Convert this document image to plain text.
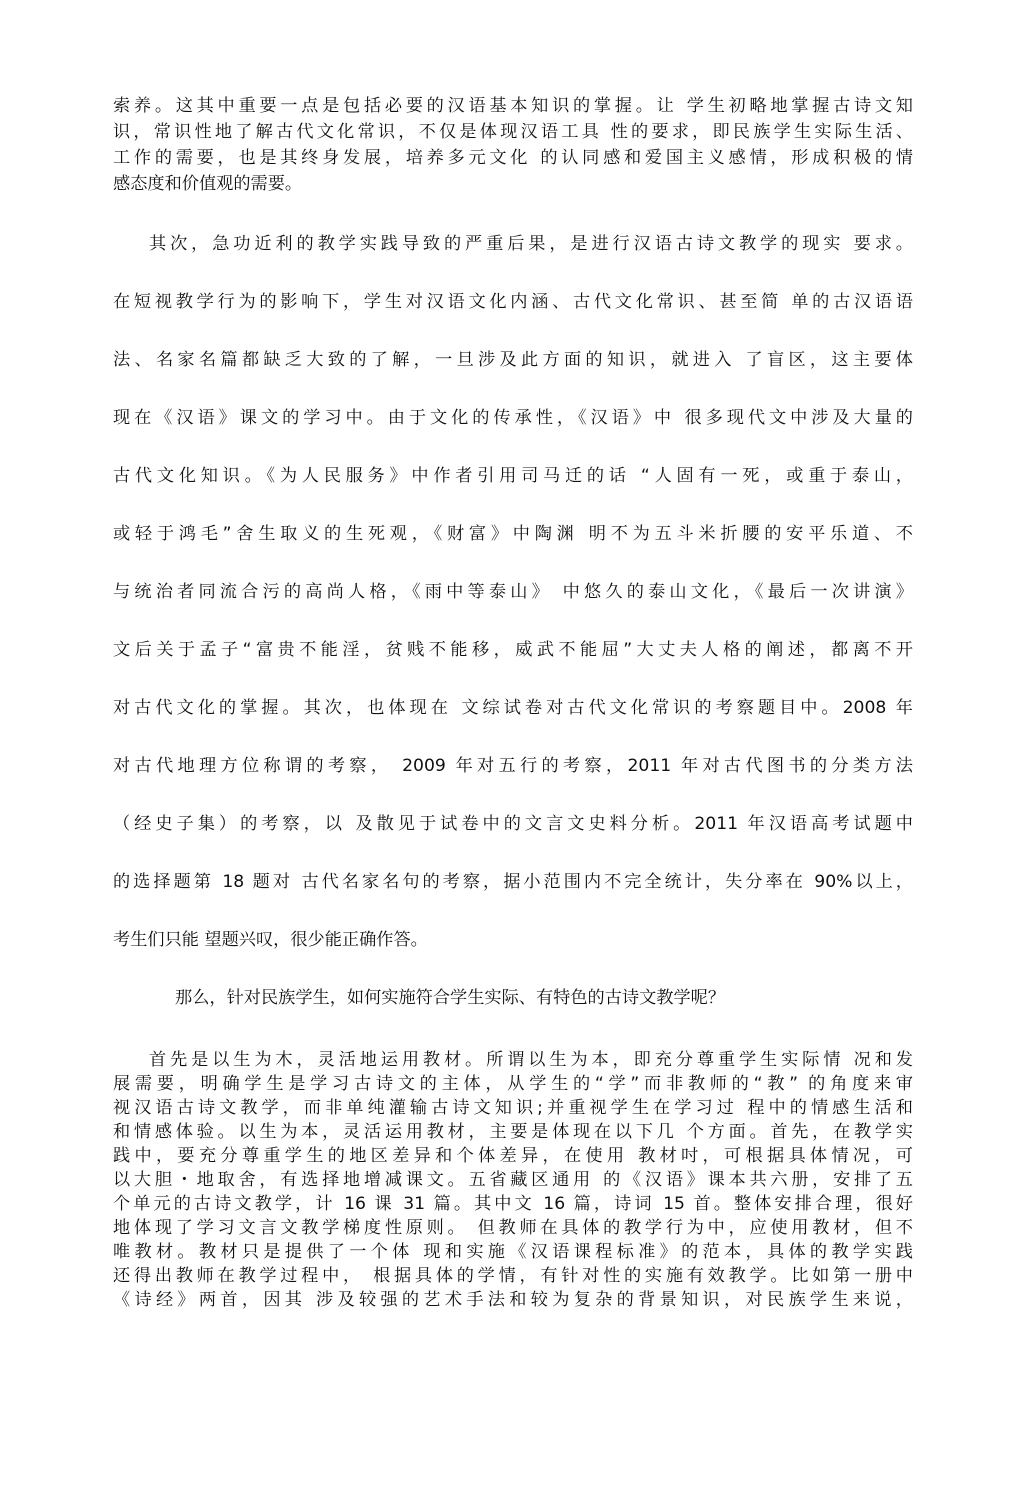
索养。这其中重要一点是包括必要的汉语基本知识的掌握。让 学生初略地掌握古诗文知
识，常识性地了解古代文化常识，不仅是体现汉语工具 性的要求，即民族学生实际生活、
工作的需要，也是其终身发展，培养多元文化 的认同感和爱国主义感情，形成积极的情
感态度和价值观的需要。
其次，急功近利的教学实践导致的严重后果，是进行汉语古诗文教学的现实 要求。
在短视教学行为的影响下，学生对汉语文化内涵、古代文化常识、甚至简 单的古汉语语
法、名家名篇都缺乏大致的了解，一旦涉及此方面的知识，就进入 了盲区，这主要体
现在《汉语》课文的学习中。由于文化的传承性，《汉语》中 很多现代文中涉及大量的
古代文化知识。《为人民服务》中作者引用司马迁的话 “人固有一死，或重于泰山，
或轻于鸿毛”舍生取义的生死观，《财富》中陶渊 明不为五斗米折腰的安平乐道、不
与统治者同流合污的高尚人格，《雨中等泰山》 中悠久的泰山文化，《最后一次讲演》
文后关于孟子“富贵不能淫，贫贱不能移，威武不能屈”大丈夫人格的阐述，都离不开
对古代文化的掌握。其次，也体现在 文综试卷对古代文化常识的考察题目中。2008 年
对古代地理方位称谓的考察， 2009 年对五行的考察，2011 年对古代图书的分类方法
（经史子集）的考察，以 及散见于试卷中的文言文史料分析。2011 年汉语高考试题中
的选择题第 18 题对 古代名家名句的考察，据小范围内不完全统计，失分率在 90%以上，
考生们只能 望题兴叹，很少能正确作答。
那么，针对民族学生，如何实施符合学生实际、有特色的古诗文教学呢？
首先是以生为木，灵活地运用教材。所谓以生为本，即充分尊重学生实际情 况和发
展需要，明确学生是学习古诗文的主体，从学生的“学”而非教师的“教” 的角度来审
视汉语古诗文教学，而非单纯灌输古诗文知识;并重视学生在学习过 程中的情感生活和
和情感体验。以生为本，灵活运用教材，主要是体现在以下几 个方面。首先，在教学实
践中，要充分尊重学生的地区差异和个体差异，在使用 教材吋，可根据具体情况，可
以大胆・地取舍，有选择地增减课文。五省藏区通用 的《汉语》课本共六册，安排了五
个单元的古诗文教学，计 16 课 31 篇。其中文 16 篇，诗词 15 首。整体安排合理，很好
地体现了学习文言文教学梯度性原则。 但教师在具体的教学行为中，应使用教材，但不
唯教材。教材只是提供了一个体 现和实施《汉语课程标准》的范本，具体的教学实践
还得出教师在教学过程中， 根据具体的学情，有针对性的实施有效教学。比如第一册中
《诗经》两首，因其 涉及较强的艺术手法和较为复杂的背景知识，对民族学生来说，
